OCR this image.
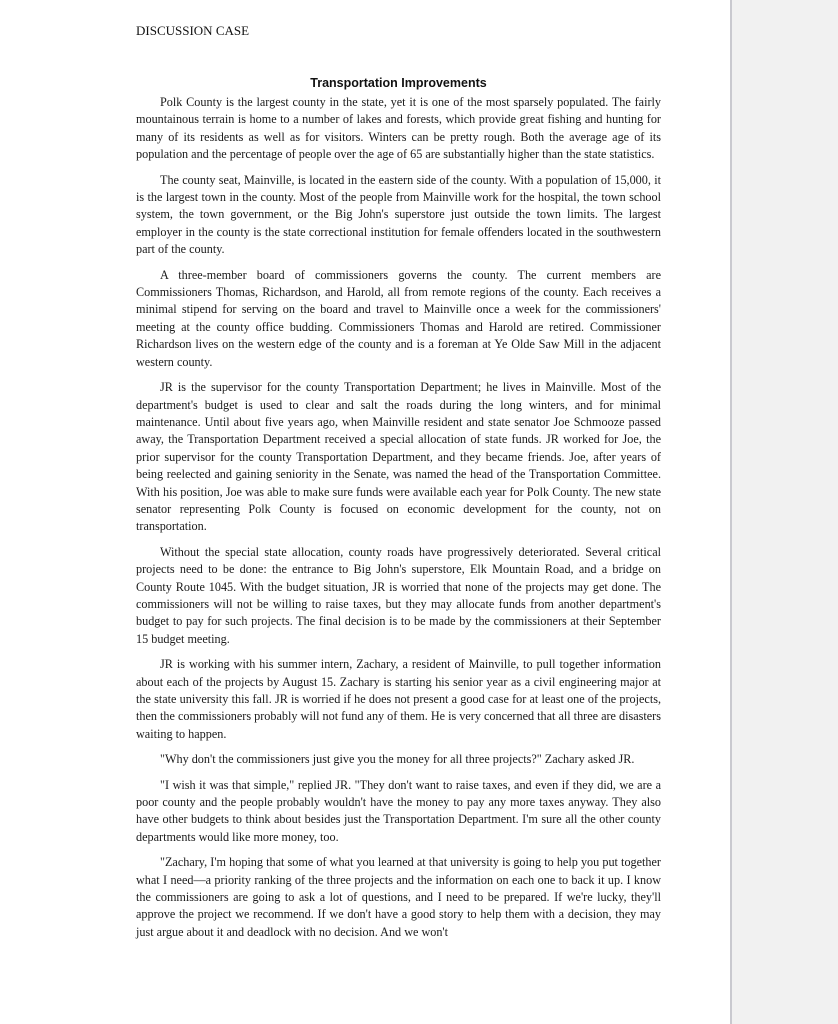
DISCUSSION CASE
Transportation Improvements

Polk County is the largest county in the state, yet it is one of the most sparsely populated. The fairly mountainous terrain is home to a number of lakes and forests, which provide great fishing and hunting for many of its residents as well as for visitors. Winters can be pretty rough. Both the average age of its population and the percentage of people over the age of 65 are substantially higher than the state statistics.

The county seat, Mainville, is located in the eastern side of the county. With a population of 15,000, it is the largest town in the county. Most of the people from Mainville work for the hospital, the town school system, the town government, or the Big John's superstore just outside the town limits. The largest employer in the county is the state correctional institution for female offenders located in the southwestern part of the county.

A three-member board of commissioners governs the county. The current members are Commissioners Thomas, Richardson, and Harold, all from remote regions of the county. Each receives a minimal stipend for serving on the board and travel to Mainville once a week for the commissioners' meeting at the county office budding. Commissioners Thomas and Harold are retired. Commissioner Richardson lives on the western edge of the county and is a foreman at Ye Olde Saw Mill in the adjacent western county.

JR is the supervisor for the county Transportation Department; he lives in Mainville. Most of the department's budget is used to clear and salt the roads during the long winters, and for minimal maintenance. Until about five years ago, when Mainville resident and state senator Joe Schmooze passed away, the Transportation Department received a special allocation of state funds. JR worked for Joe, the prior supervisor for the county Transportation Department, and they became friends. Joe, after years of being reelected and gaining seniority in the Senate, was named the head of the Transportation Committee. With his position, Joe was able to make sure funds were available each year for Polk County. The new state senator representing Polk County is focused on economic development for the county, not on transportation.

Without the special state allocation, county roads have progressively deteriorated. Several critical projects need to be done: the entrance to Big John's superstore, Elk Mountain Road, and a bridge on County Route 1045. With the budget situation, JR is worried that none of the projects may get done. The commissioners will not be willing to raise taxes, but they may allocate funds from another department's budget to pay for such projects. The final decision is to be made by the commissioners at their September 15 budget meeting.

JR is working with his summer intern, Zachary, a resident of Mainville, to pull together information about each of the projects by August 15. Zachary is starting his senior year as a civil engineering major at the state university this fall. JR is worried if he does not present a good case for at least one of the projects, then the commissioners probably will not fund any of them. He is very concerned that all three are disasters waiting to happen.

"Why don't the commissioners just give you the money for all three projects?" Zachary asked JR.

"I wish it was that simple," replied JR. "They don't want to raise taxes, and even if they did, we are a poor county and the people probably wouldn't have the money to pay any more taxes anyway. They also have other budgets to think about besides just the Transportation Department. I'm sure all the other county departments would like more money, too.

"Zachary, I'm hoping that some of what you learned at that university is going to help you put together what I need—a priority ranking of the three projects and the information on each one to back it up. I know the commissioners are going to ask a lot of questions, and I need to be prepared. If we're lucky, they'll approve the project we recommend. If we don't have a good story to help them with a decision, they may just argue about it and deadlock with no decision. And we won't
